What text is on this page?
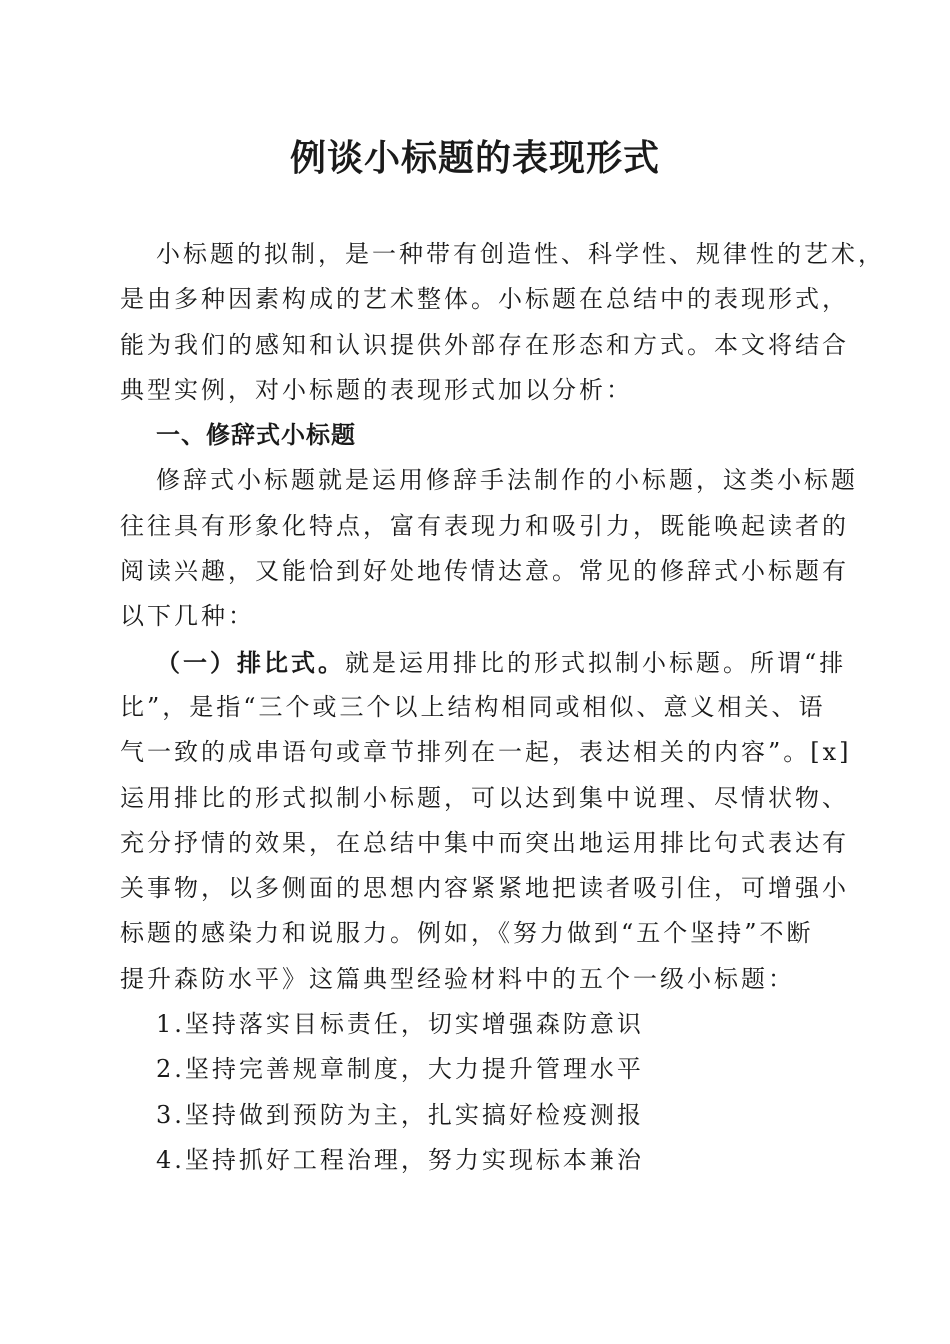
例谈小标题的表现形式
小标题的拟制，是一种带有创造性、科学性、规律性的艺术，
是由多种因素构成的艺术整体。小标题在总结中的表现形式，
能为我们的感知和认识提供外部存在形态和方式。本文将结合
典型实例，对小标题的表现形式加以分析：
一、修辞式小标题
修辞式小标题就是运用修辞手法制作的小标题，这类小标题
往往具有形象化特点，富有表现力和吸引力，既能唤起读者的
阅读兴趣，又能恰到好处地传情达意。常见的修辞式小标题有
以下几种：
（一）排比式。就是运用排比的形式拟制小标题。所谓“排
比”，是指“三个或三个以上结构相同或相似、意义相关、语
气一致的成串语句或章节排列在一起，表达相关的内容”。[x]
运用排比的形式拟制小标题，可以达到集中说理、尽情状物、
充分抒情的效果，在总结中集中而突出地运用排比句式表达有
关事物，以多侧面的思想内容紧紧地把读者吸引住，可增强小
标题的感染力和说服力。例如，《努力做到“五个坚持”不断
提升森防水平》这篇典型经验材料中的五个一级小标题：
1.坚持落实目标责任，切实增强森防意识
2.坚持完善规章制度，大力提升管理水平
3.坚持做到预防为主，扎实搞好检疫测报
4.坚持抓好工程治理，努力实现标本兼治
